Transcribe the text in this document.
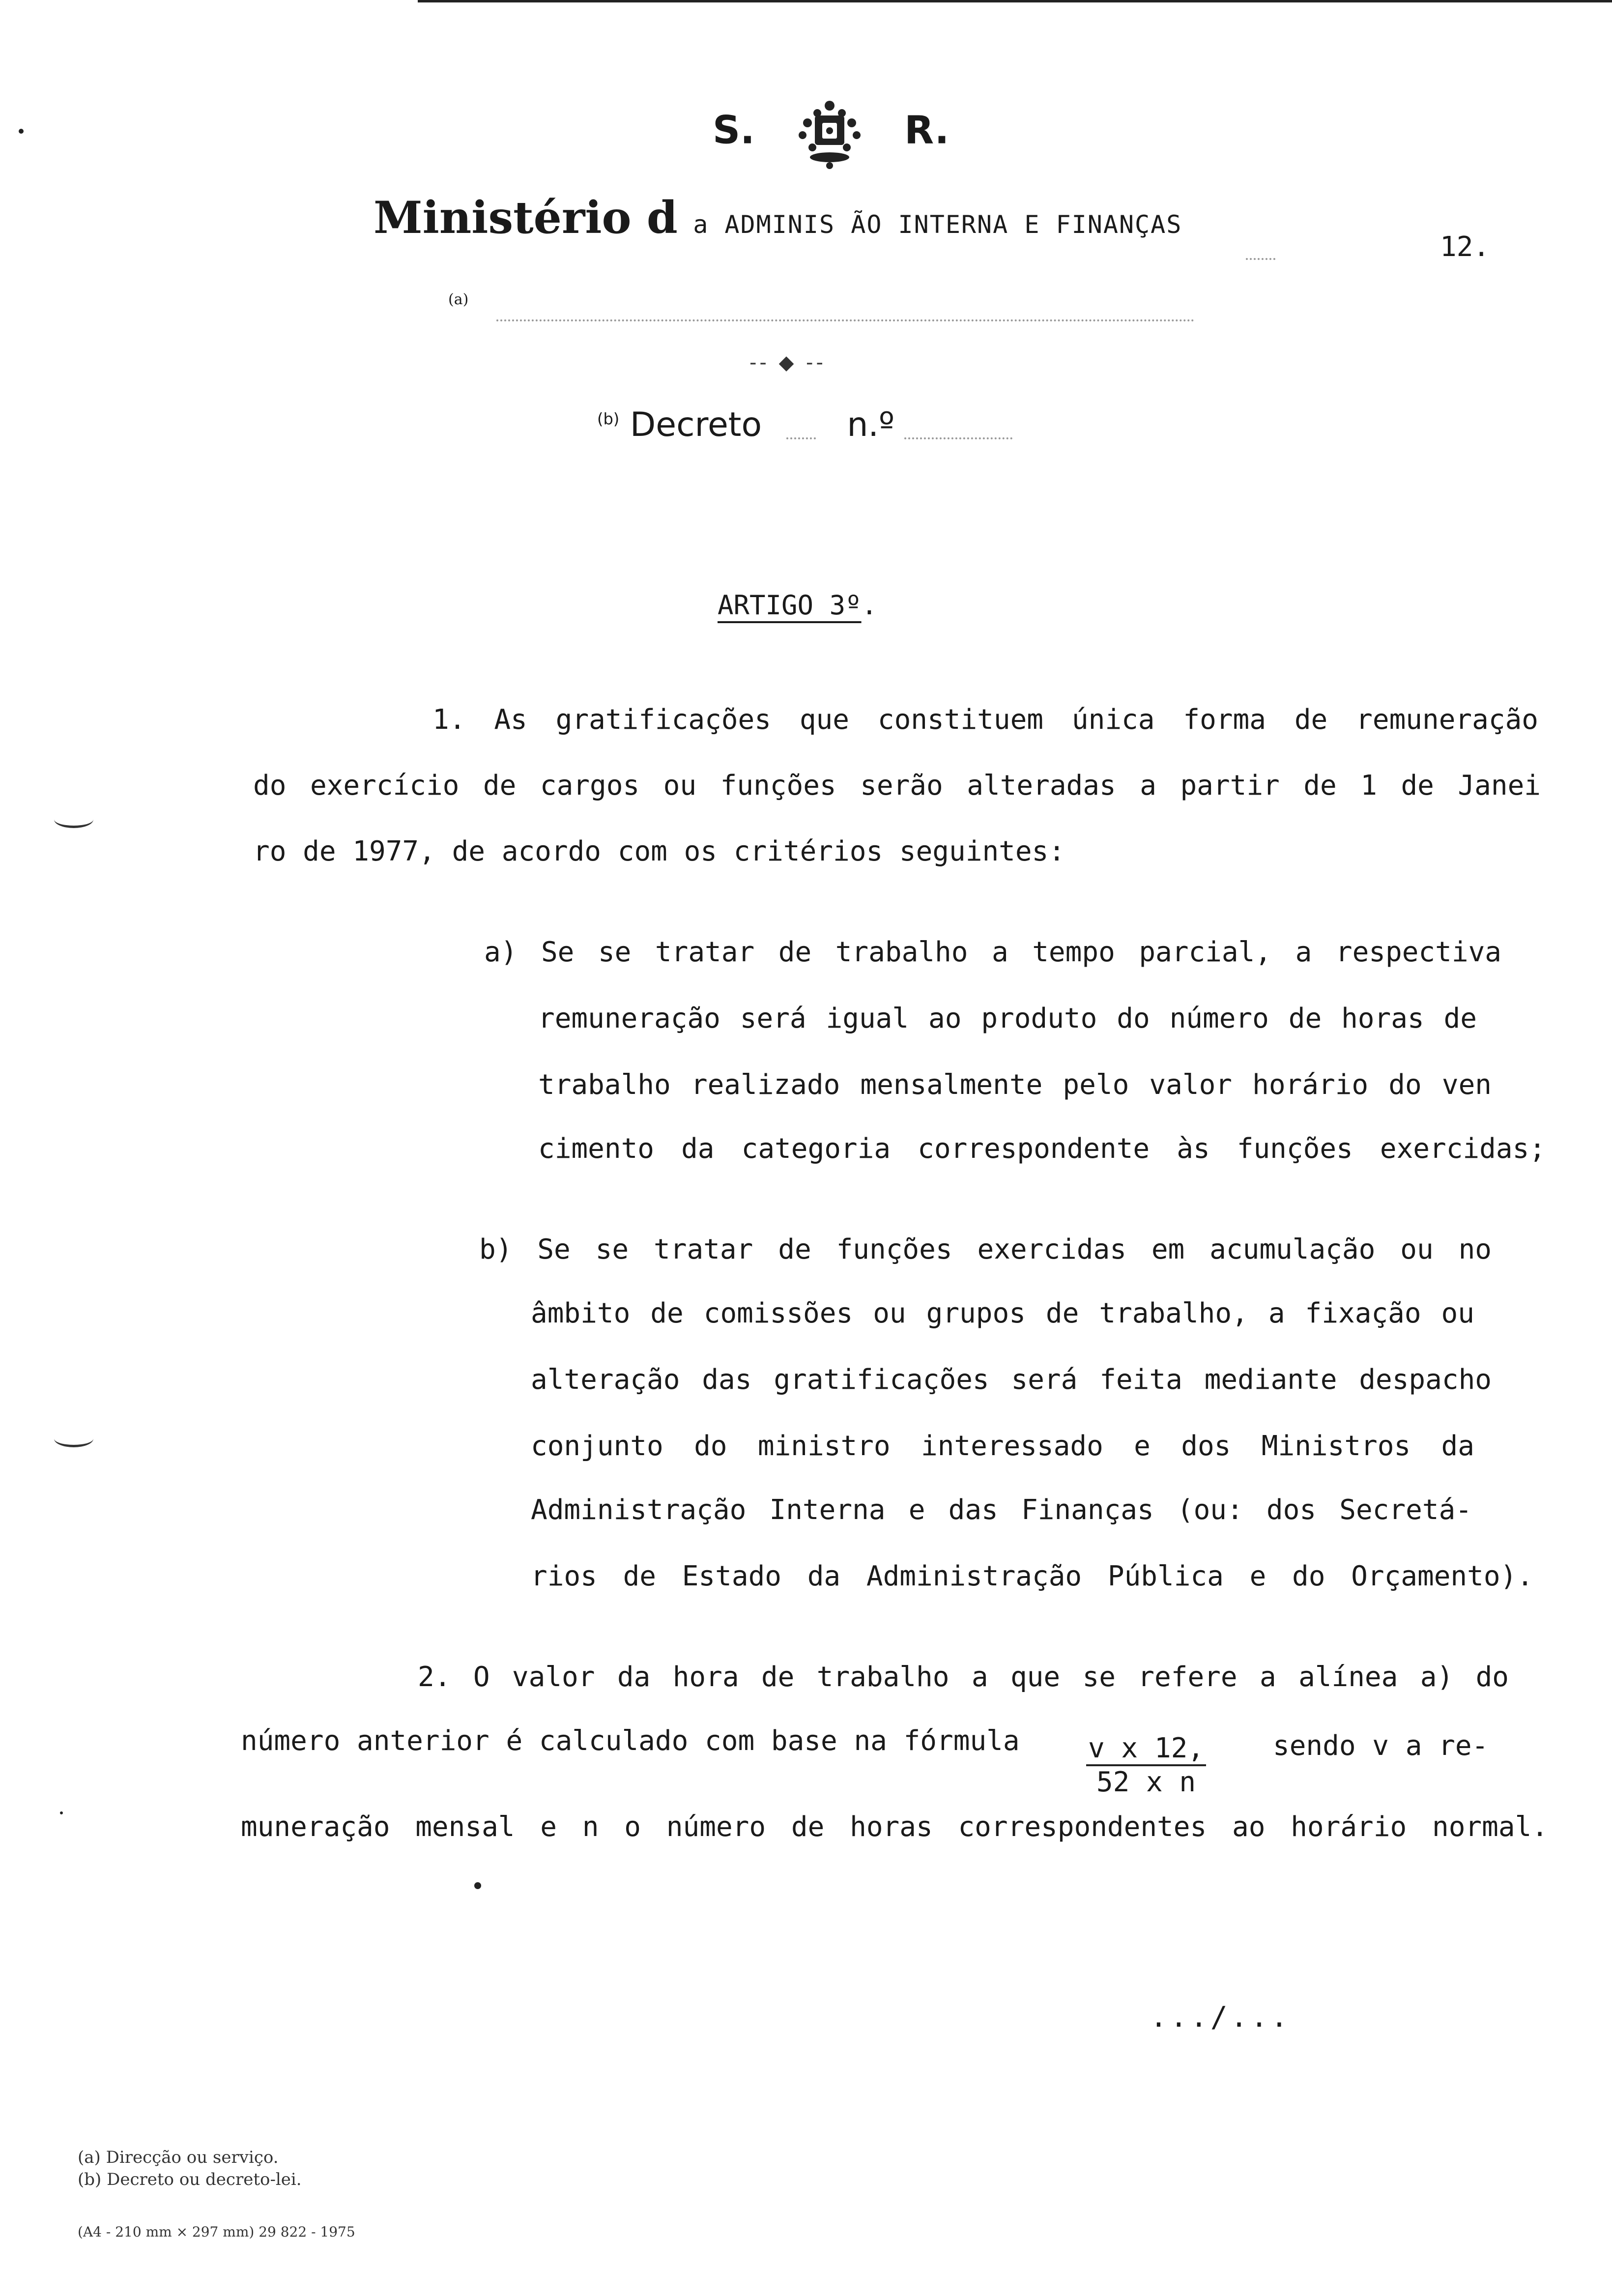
S.	R.
Ministério d a ADMINIS ÃO INTERNA E FINANÇAS
12.
(a)
-- ◆ --
$^{(b)}$ Decreto	n.º
ARTIGO 3º.
1. As gratificações que constituem única forma de remuneração
do exercício de cargos ou funções serão alteradas a partir de 1 de Janei
ro de 1977, de acordo com os critérios seguintes:
a) Se se tratar de trabalho a tempo parcial, a respectiva
remuneração será igual ao produto do número de horas de
trabalho realizado mensalmente pelo valor horário do ven
cimento da categoria correspondente às funções exercidas;
b) Se se tratar de funções exercidas em acumulação ou no
âmbito de comissões ou grupos de trabalho, a fixação ou
alteração das gratificações será feita mediante despacho
conjunto do ministro interessado e dos Ministros da
Administração Interna e das Finanças (ou: dos Secretá-
rios de Estado da Administração Pública e do Orçamento).
2. O valor da hora de trabalho a que se refere a alínea a) do
número anterior é calculado com base na fórmula $\frac{\text{v x 12,}}{\text{52 x n}}$ sendo v a re-
muneração mensal e n o número de horas correspondentes ao horário normal.
.../...
(a) Direcção ou serviço.
(b) Decreto ou decreto-lei.
(A4 - 210 mm × 297 mm) 29 822 - 1975
